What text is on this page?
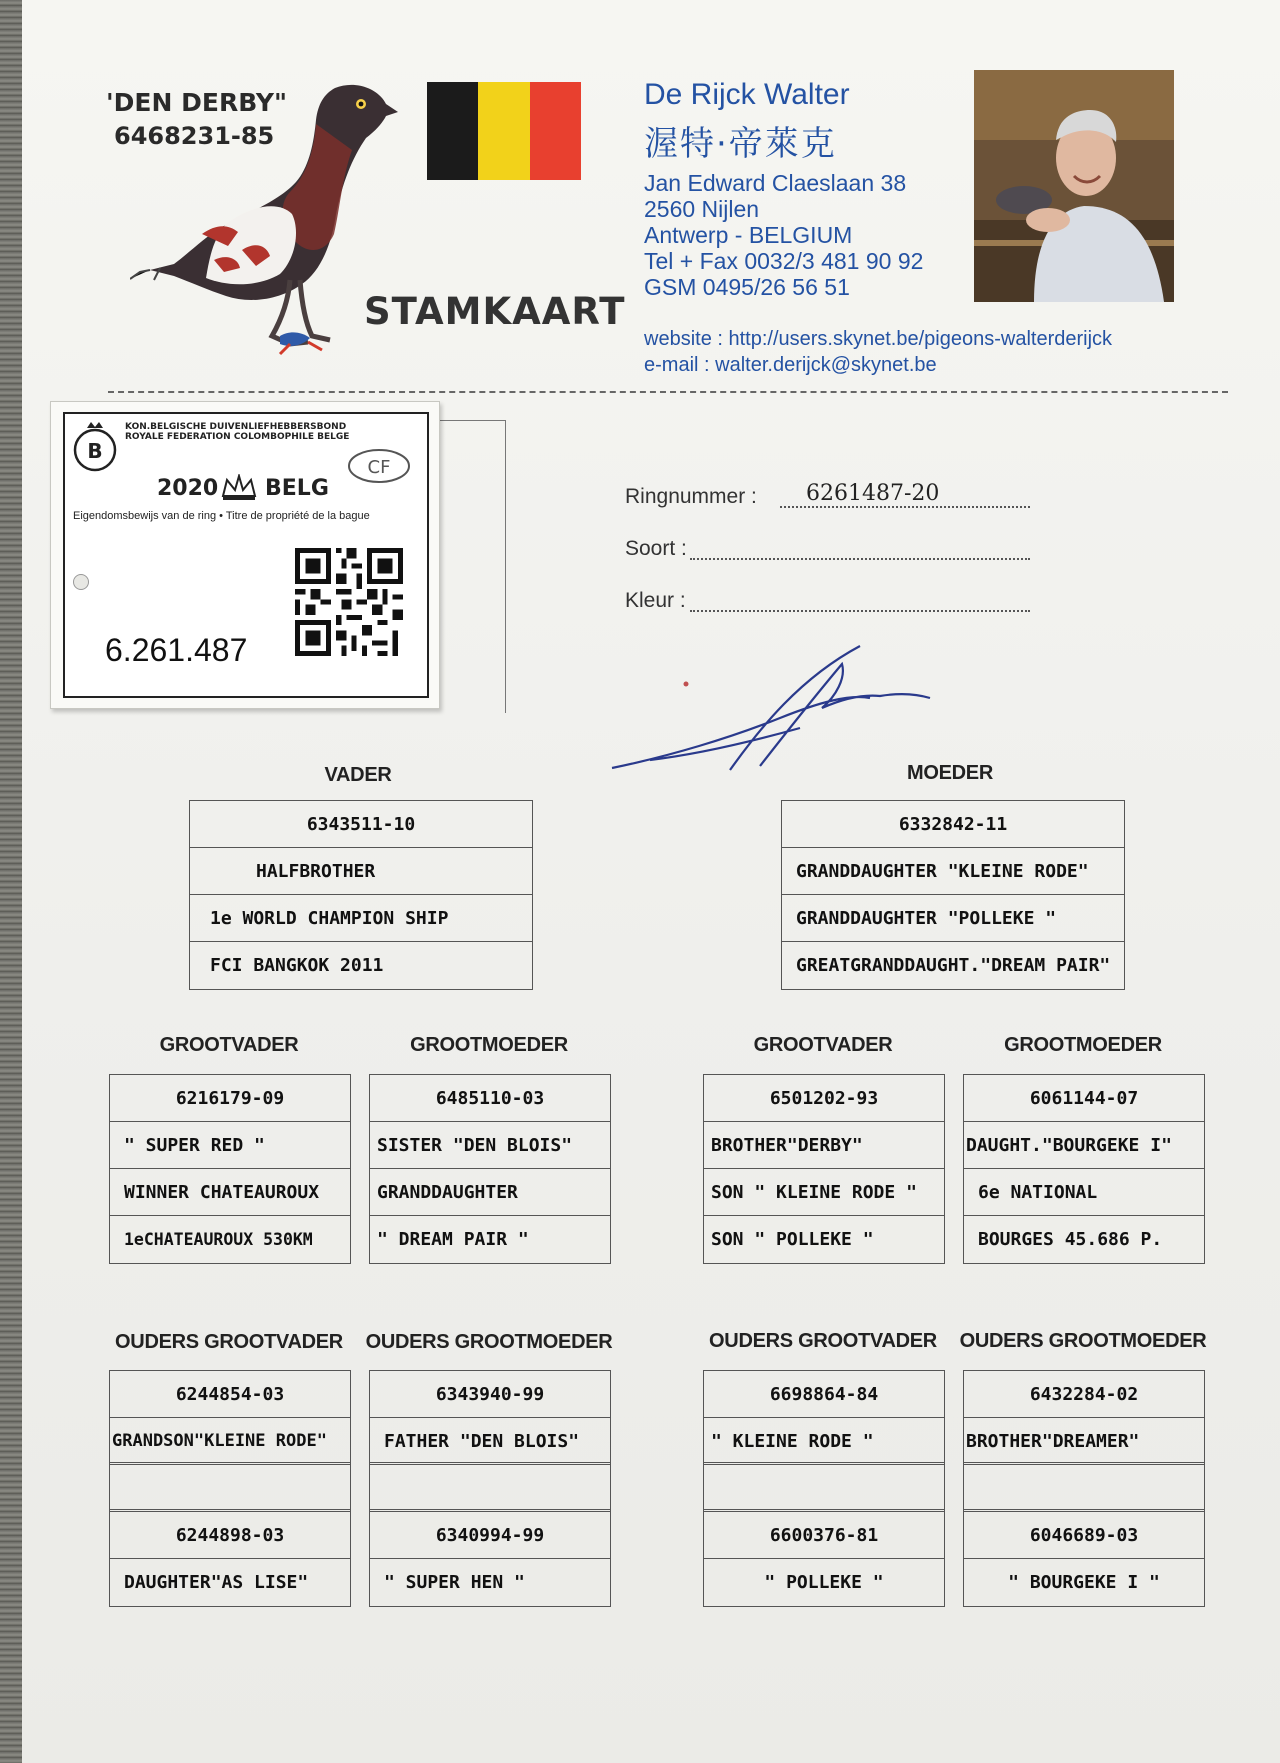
'DEN DERBY"
6468231-85
STAMKAART
De Rijck Walter
渥特·帝萊克
Jan Edward Claeslaan 38
2560 Nijlen
Antwerp - BELGIUM
Tel + Fax 0032/3 481 90 92
GSM 0495/26 56 51
website : http://users.skynet.be/pigeons-walterderijck
e-mail : walter.derijck@skynet.be
B
KON.BELGISCHE DUIVENLIEFHEBBERSBOND
ROYALE FEDERATION COLOMBOPHILE BELGE
CF
2020 BELG
Eigendomsbewijs van de ring • Titre de propriété de la bague
6.261.487
Ringnummer : 6261487-20
Soort :
Kleur :
VADER
6343511-10
HALFBROTHER
1e WORLD CHAMPION SHIP
FCI BANGKOK 2011
MOEDER
6332842-11
GRANDDAUGHTER "KLEINE RODE"
GRANDDAUGHTER "POLLEKE "
GREATGRANDDAUGHT."DREAM PAIR"
GROOTVADER
6216179-09
" SUPER RED "
WINNER CHATEAUROUX
1eCHATEAUROUX 530KM
GROOTMOEDER
6485110-03
SISTER "DEN BLOIS"
GRANDDAUGHTER
" DREAM PAIR "
GROOTVADER
6501202-93
BROTHER"DERBY"
SON " KLEINE RODE "
SON " POLLEKE "
GROOTMOEDER
6061144-07
DAUGHT."BOURGEKE I"
6e NATIONAL
BOURGES 45.686 P.
OUDERS GROOTVADER
6244854-03
GRANDSON"KLEINE RODE"
6244898-03
DAUGHTER"AS LISE"
OUDERS GROOTMOEDER
6343940-99
FATHER "DEN BLOIS"
6340994-99
" SUPER HEN "
OUDERS GROOTVADER
6698864-84
" KLEINE RODE "
6600376-81
" POLLEKE "
OUDERS GROOTMOEDER
6432284-02
BROTHER"DREAMER"
6046689-03
" BOURGEKE I "
